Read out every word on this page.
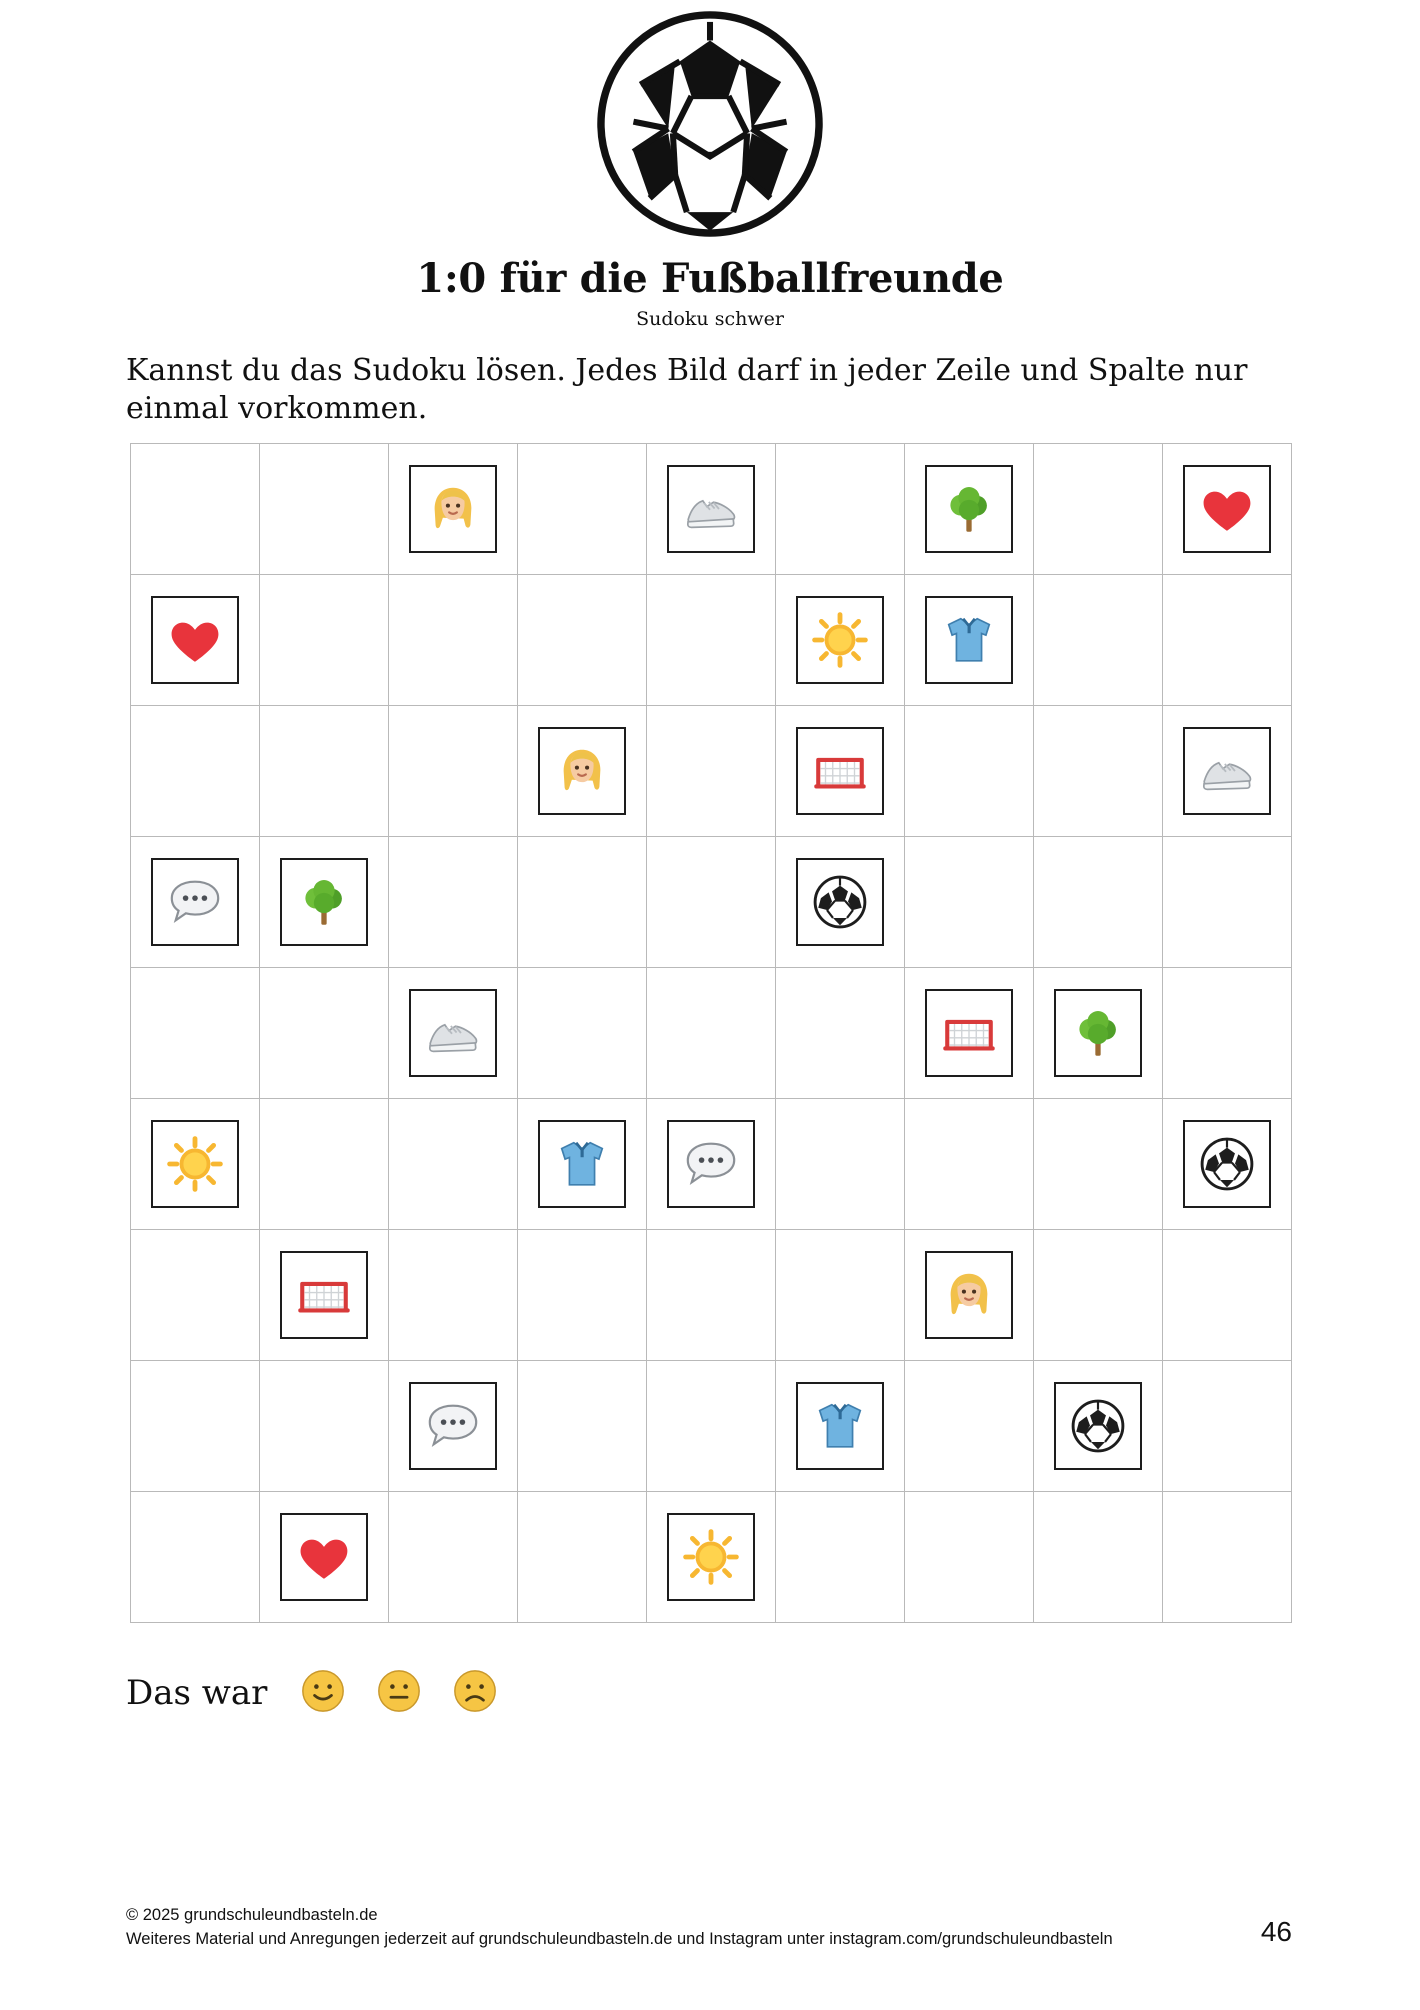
1:0 für die Fußballfreunde
Sudoku schwer

Kannst du das Sudoku lösen. Jedes Bild darf in jeder Zeile und Spalte nur einmal vorkommen.

Das war
© 2025 grundschuleundbasteln.de
Weiteres Material und Anregungen jederzeit auf grundschuleundbasteln.de und Instagram unter instagram.com/grundschuleundbasteln	46
